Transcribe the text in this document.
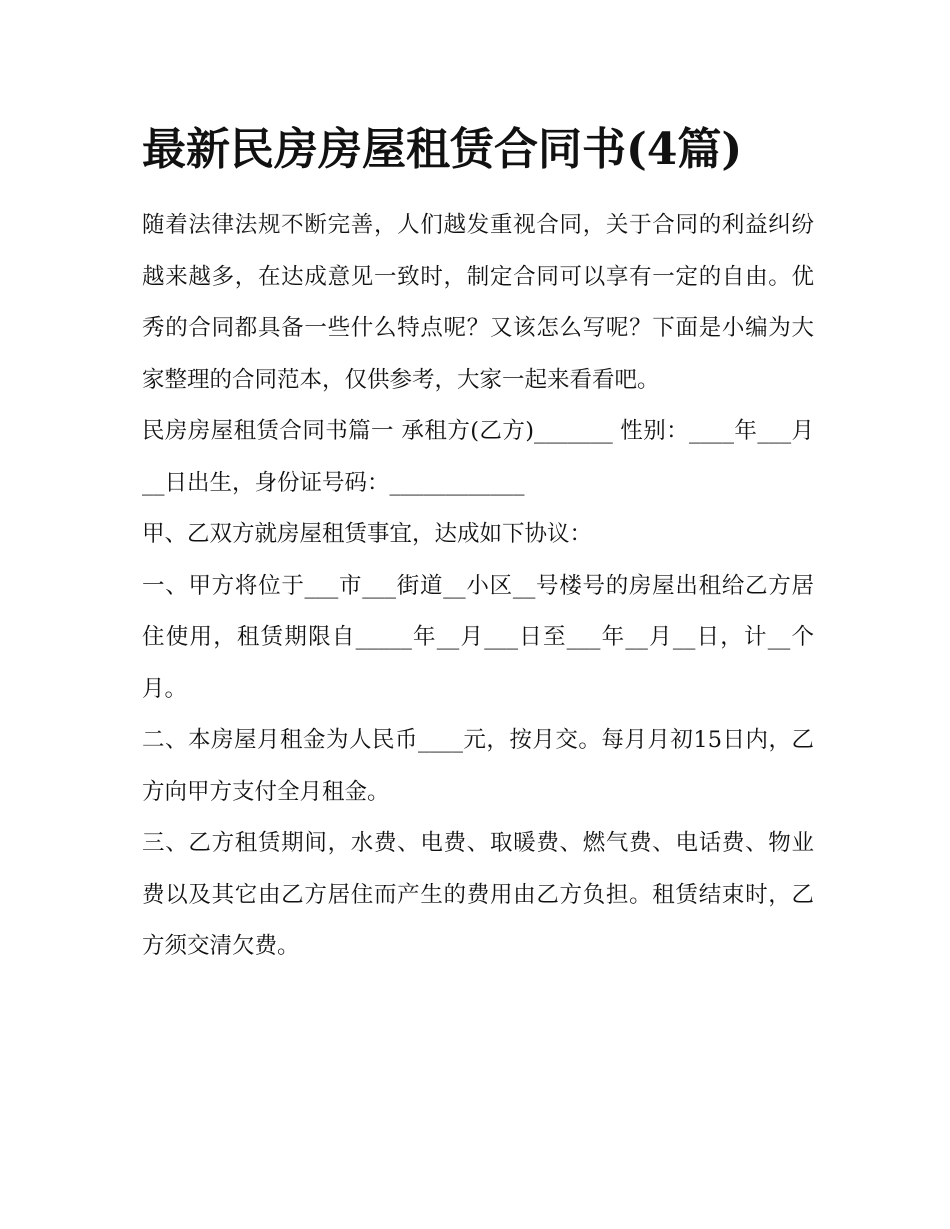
最新民房房屋租赁合同书(4篇)

随着法律法规不断完善，人们越发重视合同，关于合同的利益纠纷越来越多，在达成意见一致时，制定合同可以享有一定的自由。优秀的合同都具备一些什么特点呢？又该怎么写呢？下面是小编为大家整理的合同范本，仅供参考，大家一起来看看吧。

民房房屋租赁合同书篇一 承租方(乙方)_______ 性别：____年___月__日出生，身份证号码：____________

甲、乙双方就房屋租赁事宜，达成如下协议：

一、甲方将位于___市___街道__小区__号楼号的房屋出租给乙方居住使用，租赁期限自_____年__月___日至___年__月__日，计__个月。

二、本房屋月租金为人民币____元，按月交。每月月初15日内，乙方向甲方支付全月租金。

三、乙方租赁期间，水费、电费、取暖费、燃气费、电话费、物业费以及其它由乙方居住而产生的费用由乙方负担。租赁结束时，乙方须交清欠费。
